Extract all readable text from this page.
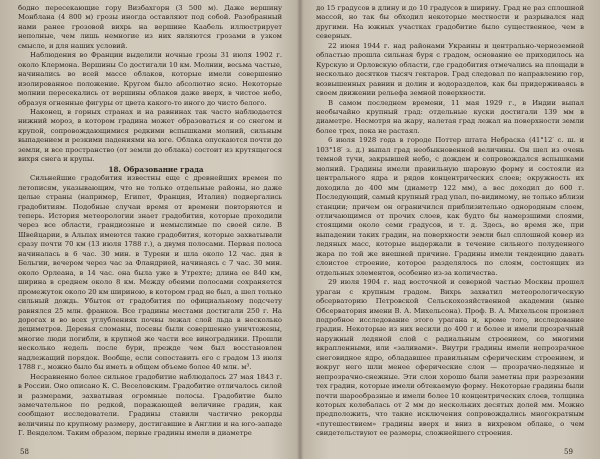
бодно пересекающие гору Визбахгорн (3 500 м). Даже вершину Монблана (4 800 м) грозы иногда оставляют под собой. Разобранный нами ранее грозовой вихрь на вершине Каабель иллюстрирует неполные, чем лишь немногие из них являются грозами в узком смысле, и для наших условий.

Наблюдения во Франции выделили ночные грозы 31 июля 1902 г. около Клермона. Вершины Со достигали 10 км. Молнии, весьма частые, начинались во всей массе облаков, которые имели совершенно изолированное положение. Кругом было абсолютно ясно. Некоторые молнии пересекались от вершины облаков даже вверх, в чистое небо, образуя огненные фигуры от цвета какого-то иного до чисто белого.

Наконец, в горных странах и на равнинах так часто наблюдается нижний мороз, в котором градина может образоваться и со снегом и крупой, сопровождающимися редкими вспышками молний, сильным выпадением и резкими падениями на юге. Облака опускаются почти до земли, и все пространство (от земли до облака) состоит из крутящегося вихря снега и крупы.

18. Образование града

Сильнейшие градобития известны еще с древнейших времен по летописям, указывающим, что не только отдельные районы, но даже целые страны (например, Египет, Франция, Италия) подвергались градобитиям. Подобные случаи время от времени повторяются и теперь. История метеорологии знает градобития, которые проходили через все области, грандиозные и немыслимые по своей силе. В Швейцарии, в Альпах имеются такие градобития, которые захватывали сразу почти 70 км (13 июля 1788 г.), а двумя полосами. Первая полоса начиналась в 6 час. 30 мин. в Турени и шла около 12 час. дня в Бельгии, вечером через час за Фландрией, начинаясь с 7 час. 30 мин. около Орлеана, в 14 час. она была уже в Утрехте; длина ее 840 км, ширина в среднем около 8 км. Между обеими полосами сохраняется промежуток около 20 км шириною, в котором град не был, а шел только сильный дождь. Убыток от градобития по официальному подсчету равнялся 25 млн. франков. Все градины местами достигали 250 г. На дорогах и во всех углублениях почвы лежал слой льда в несколько дециметров. Деревья сломаны, посевы были совершенно уничтожены, многие люди погибли, в крупной же части все виноградники. Прошли несколько недель после бури, прежде чем был восстановлен надлежащий порядок. Вообще, если сопоставить его с градом 13 июля 1788 г., можно было бы иметь в общем объеме более 40 млн. м³.

Несравненно более сильное градобитие наблюдалось 27 мая 1843 г. в России. Оно описано К. С. Веселовским. Градобитие отличалось силой и размерами, захватывая огромные полосы. Градобитие было замечательное по редкой, поражающей величине градин, как сообщают исследователи. Градины ставили частично рекорды величины по крупному размеру, достигавшие в Англии и на юго-западе Г. Венделом. Таким образом, первые градины имели в диаметре

58

до 15 градусов в длину и до 10 градусов в ширину. Град не раз сплошной массой, но так бы обходил некоторые местности и разрывался над другими. На южных участках градобитие было существенное, чем в северных.

22 июня 1944 г. над районами Украины и центрально-черноземной областью прошла сильная буря с градом, основание ее приходилось на Курскую и Орловскую области, где градобития отмечались на площади в несколько десятков тысяч гектаров. Град следовал по направлению гор, возвышенных равнин и долин и водоразделов, как бы придерживаясь в своем движении рельефа земной поверхности.

В самом последнем времени, 11 мая 1929 г., в Индии выпал необычайно крупный град: отдельные куски достигали 139 мм в диаметре. Несмотря на жару, налетая град лежал на поверхности земли более трех, пока не растаял.

6 июля 1928 года в городе Поттер штата Небраска (41°12′ с. ш. и 103°18′ з. д.) выпал град необыкновенной величины. Он шел из очень темной тучи, закрывшей небо, с дождем и сопровождался вспышками молний. Градины имели правильную шаровую форму и состояли из центрального ядра и рядов концентрических слоев; окружность их доходила до 400 мм (диаметр 122 мм), а вес доходил до 600 г. Последующий, самый крупный град упал, по-видимому, не только вблизи станции; причем он ограничился приблизительно однородным слоем, отличающимся от прочих слоев, как будто бы намерзшими слоями, стоящими около семи градусов, и т. д. Здесь, во время же, при выпадении таких градин, на поверхности земли был сплошной ковер из ледяных масс, которые выдержали в течение сильного полуденного жара по той же внешней причине. Градины имели тенденцию давать слоистое строение, которое разделялось по слоям, состоящих из отдельных элементов, особенно из-за количества.

29 июля 1904 г. над восточной и северной частью Москвы прошел ураган с крупным градом. Вихрь захватил метеорологическую обсерваторию Петровской Сельскохозяйственной академии (ныне Обсерватория имени В. А. Михельсона). Проф. В. А. Михельсон произвел подробное исследование этого урагана и, кроме того, исследование градин. Некоторые из них весили до 400 г и более и имели прозрачный наружный ледяной слой с радиальным строением, со многими вкрапленными, или «заливами». Внутри градины имели непрозрачное снеговидное ядро, обладавшее правильным сферическим строением, и вокруг него шли менее сферические слои — прозрачно-ледяные и непрозрачно-снежные. Эти слои хорошо были заметны при разрезании тех градин, которые имели обтекаемую форму. Некоторые градины были почти шарообразные и имели более 10 концентрических слоев, толщина которых колебалась от 2 мм до нескольких десятых долей мм. Можно предположить, что такие исключения сопровождались многократным «путешествием» градины вверх и вниз в вихревом облаке, о чем свидетельствуют ее размеры, сложнейшего строения.

59
